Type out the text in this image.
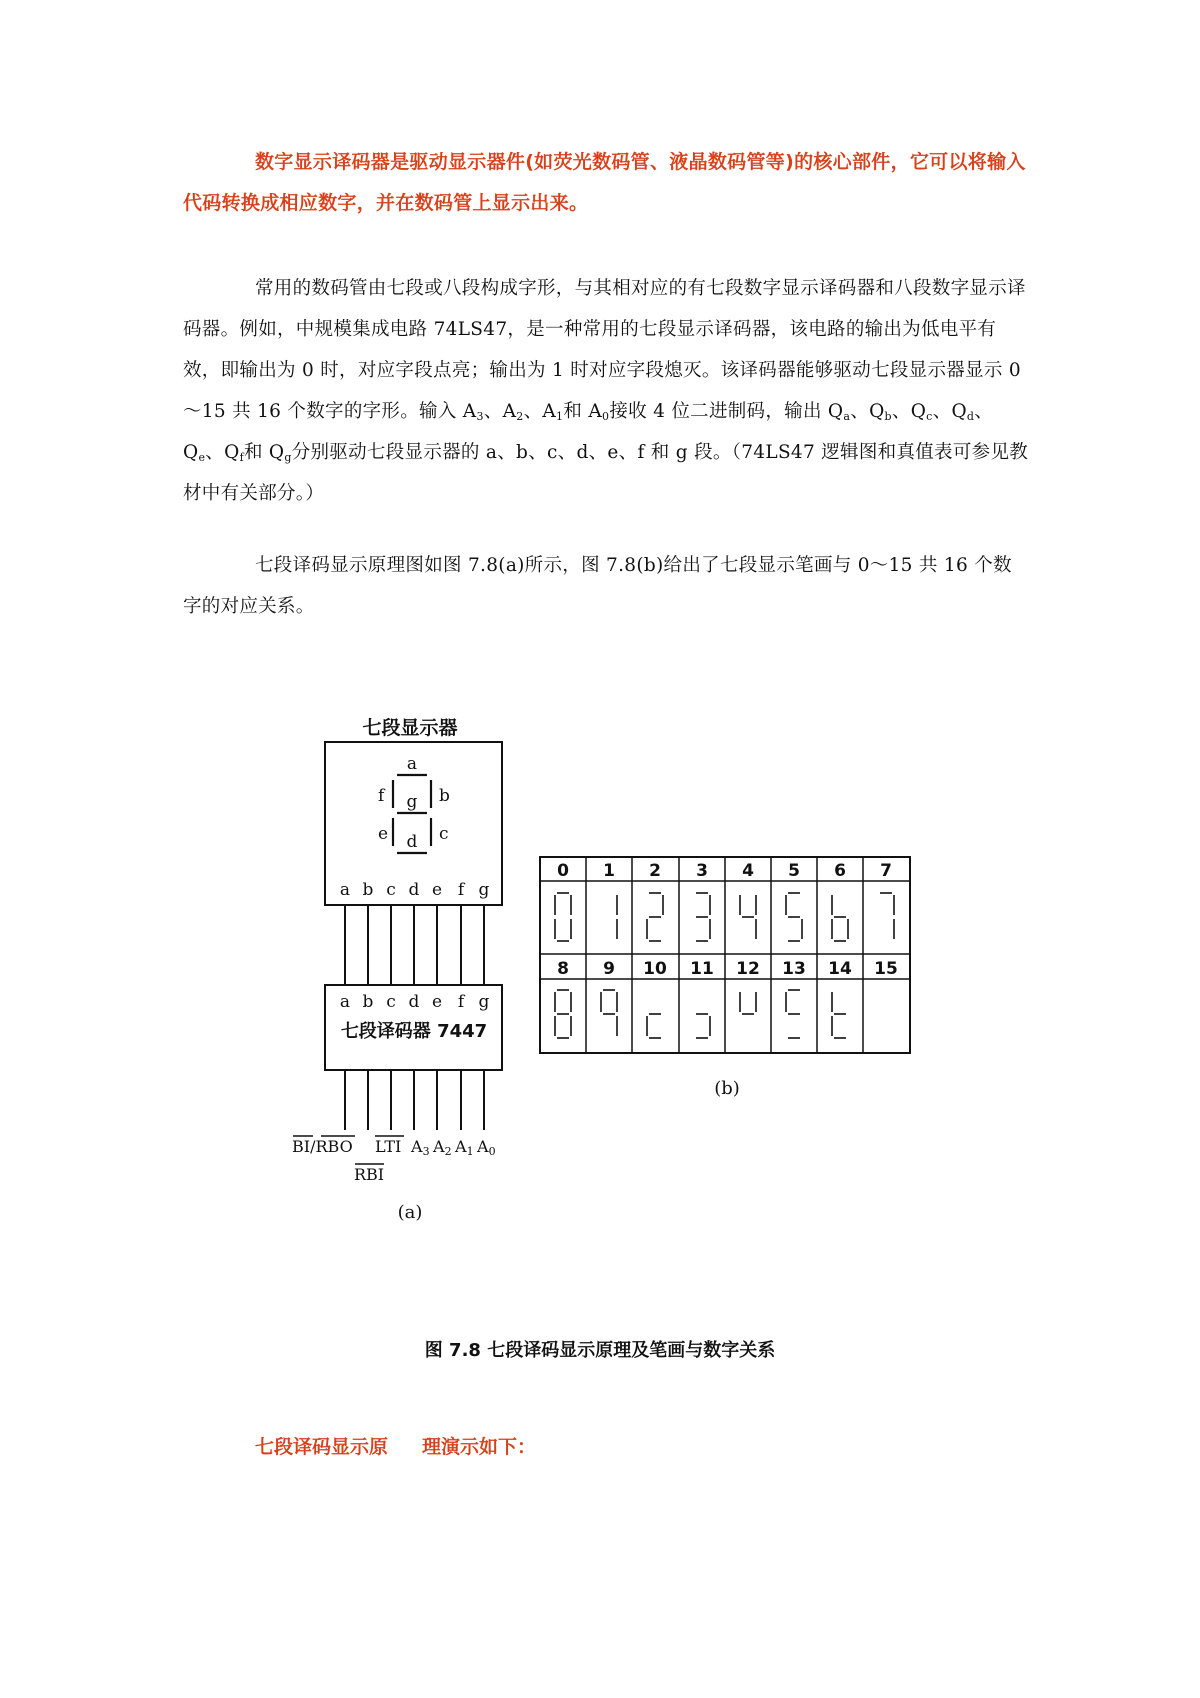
数字显示译码器是驱动显示器件(如荧光数码管、液晶数码管等)的核心部件，它可以将输入代码转换成相应数字，并在数码管上显示出来。
常用的数码管由七段或八段构成字形，与其相对应的有七段数字显示译码器和八段数字显示译码器。例如，中规模集成电路 74LS47，是一种常用的七段显示译码器，该电路的输出为低电平有效，即输出为 0 时，对应字段点亮；输出为 1 时对应字段熄灭。该译码器能够驱动七段显示器显示 0～15 共 16 个数字的字形。输入 $A_3$、$A_2$、$A_1$和 $A_0$接收 4 位二进制码，输出 $Q_a$、$Q_b$、$Q_c$、$Q_d$、$Q_e$、$Q_f$和 $Q_g$分别驱动七段显示器的 a、b、c、d、e、f 和 g 段。（74LS47 逻辑图和真值表可参见教材中有关部分。）
七段译码显示原理图如图 7.8(a)所示，图 7.8(b)给出了七段显示笔画与 0～15 共 16 个数字的对应关系。
七段显示器
a
b
c
d
e
f g
a b c d e f g
a b c d e f g
七段译码器 7447
BI/RBO LTI
RBI
A3 A2 A1 A0
(a)
0 1 2 3 4 5 6 7
8 9 10 11 12 13 14 15
(b)
图 7.8 七段译码显示原理及笔画与数字关系
七段译码显示原 理演示如下：
